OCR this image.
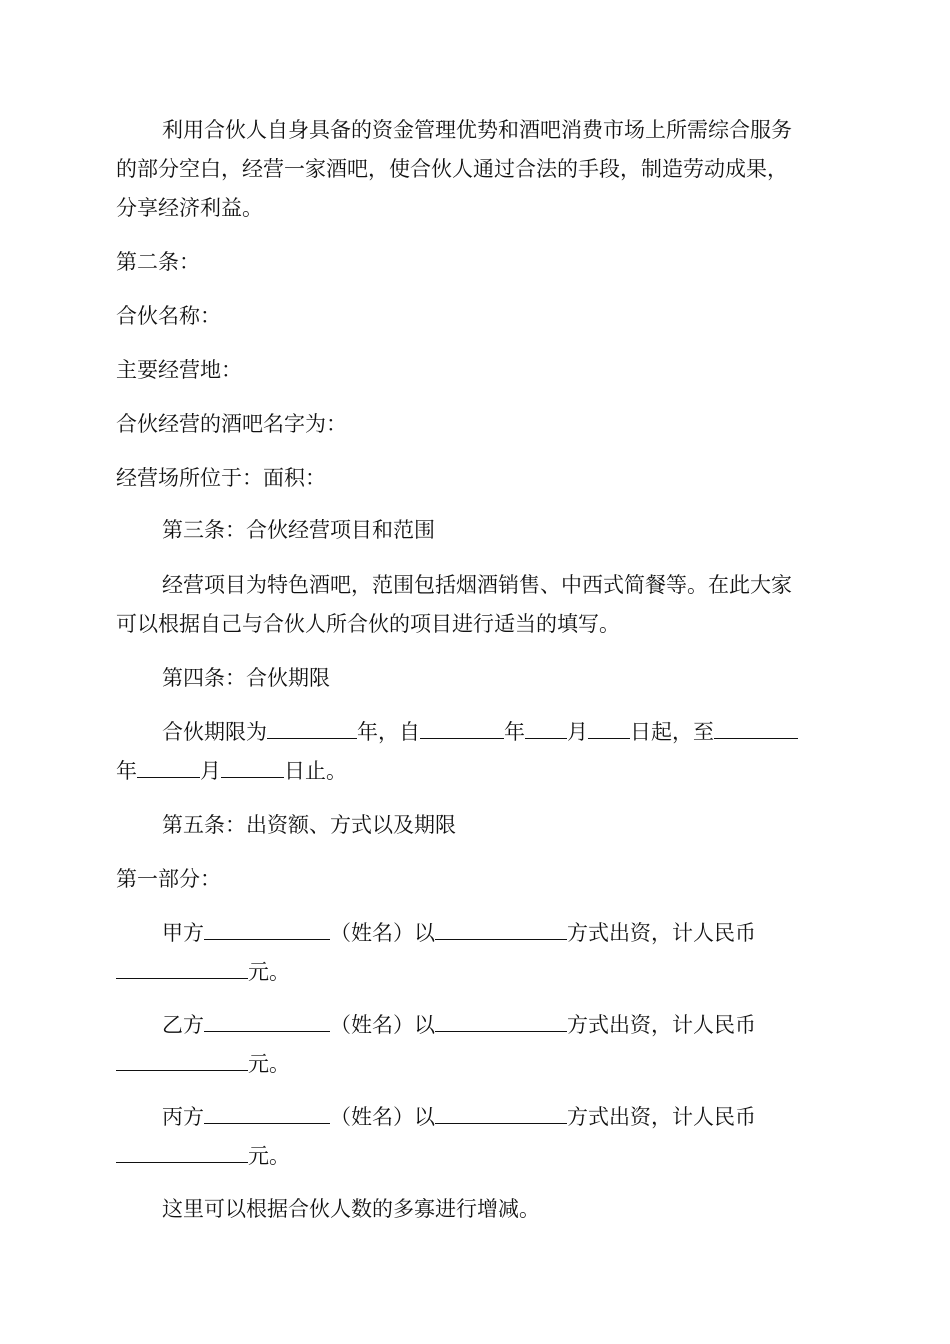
利用合伙人自身具备的资金管理优势和酒吧消费市场上所需综合服务
的部分空白，经营一家酒吧，使合伙人通过合法的手段，制造劳动成果，
分享经济利益。
第二条：
合伙名称：
主要经营地：
合伙经营的酒吧名字为：
经营场所位于：面积：
第三条：合伙经营项目和范围
经营项目为特色酒吧，范围包括烟酒销售、中西式简餐等。在此大家
可以根据自己与合伙人所合伙的项目进行适当的填写。
第四条：合伙期限
合伙期限为	年，自	年 月 日起，至
年	月	日止。
第五条：出资额、方式以及期限
第一部分：
甲方	（姓名）以	方式出资，计人民币
元。
乙方	（姓名）以	方式出资，计人民币
元。
丙方	（姓名）以	方式出资，计人民币
元。
这里可以根据合伙人数的多寡进行增减。
